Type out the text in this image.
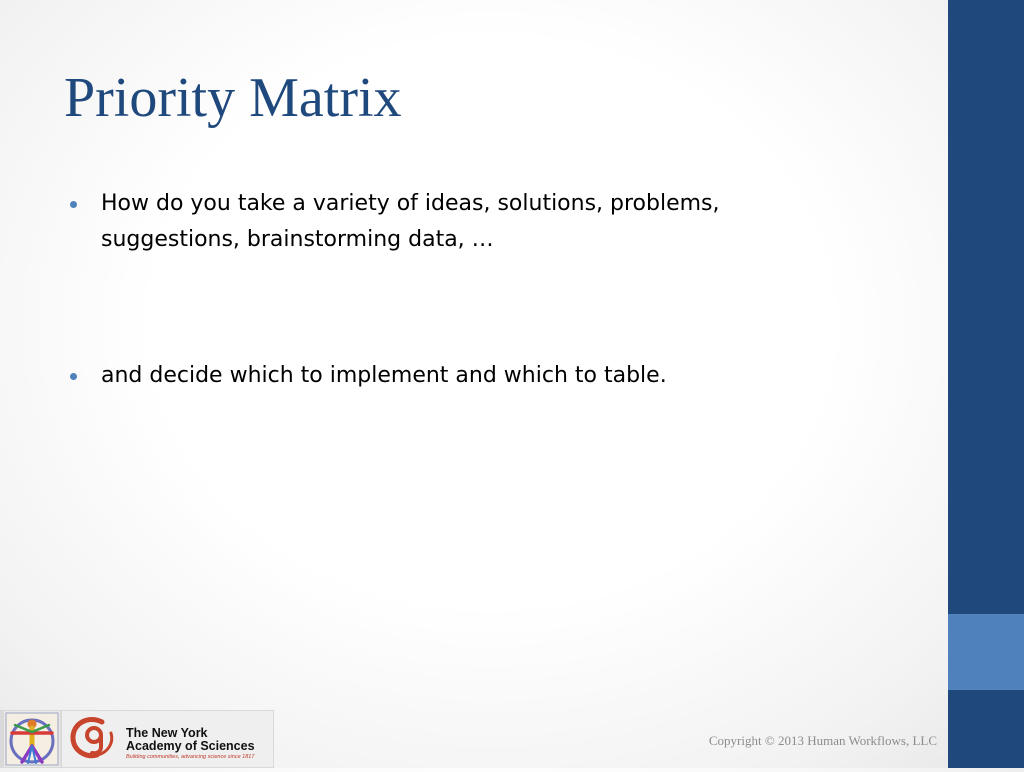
Priority Matrix
How do you take a variety of ideas, solutions, problems, suggestions, brainstorming data, …
and decide which to implement and which to table.
The New York
Academy of Sciences
Building communities, advancing science since 1817
Copyright © 2013 Human Workflows, LLC
